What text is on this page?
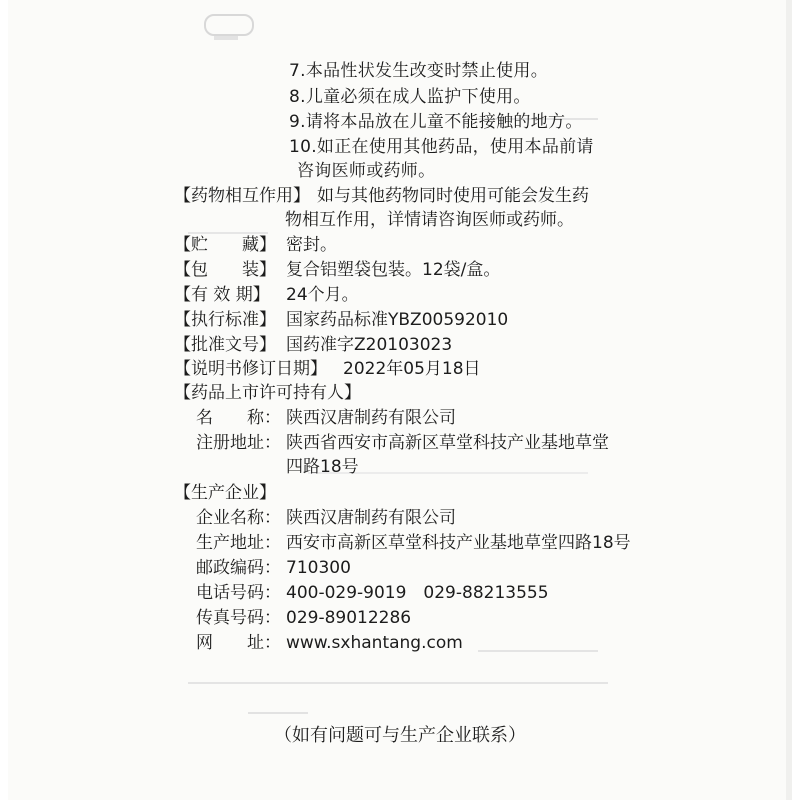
7.本品性状发生改变时禁止使用。
8.儿童必须在成人监护下使用。
9.请将本品放在儿童不能接触的地方。
10.如正在使用其他药品，使用本品前请
咨询医师或药师。
【药物相互作用】 如与其他药物同时使用可能会发生药
物相互作用，详情请咨询医师或药师。
【贮　　藏】 密封。
【包　　装】 复合铝塑袋包装。12袋/盒。
【有 效 期】 24个月。
【执行标准】 国家药品标准YBZ00592010
【批准文号】 国药准字Z20103023
【说明书修订日期】 2022年05月18日
【药品上市许可持有人】
名　　称： 陕西汉唐制药有限公司
注册地址： 陕西省西安市高新区草堂科技产业基地草堂
四路18号
【生产企业】
企业名称： 陕西汉唐制药有限公司
生产地址： 西安市高新区草堂科技产业基地草堂四路18号
邮政编码： 710300
电话号码： 400-029-9019　029-88213555
传真号码： 029-89012286
网　　址： www.sxhantang.com
（如有问题可与生产企业联系）
